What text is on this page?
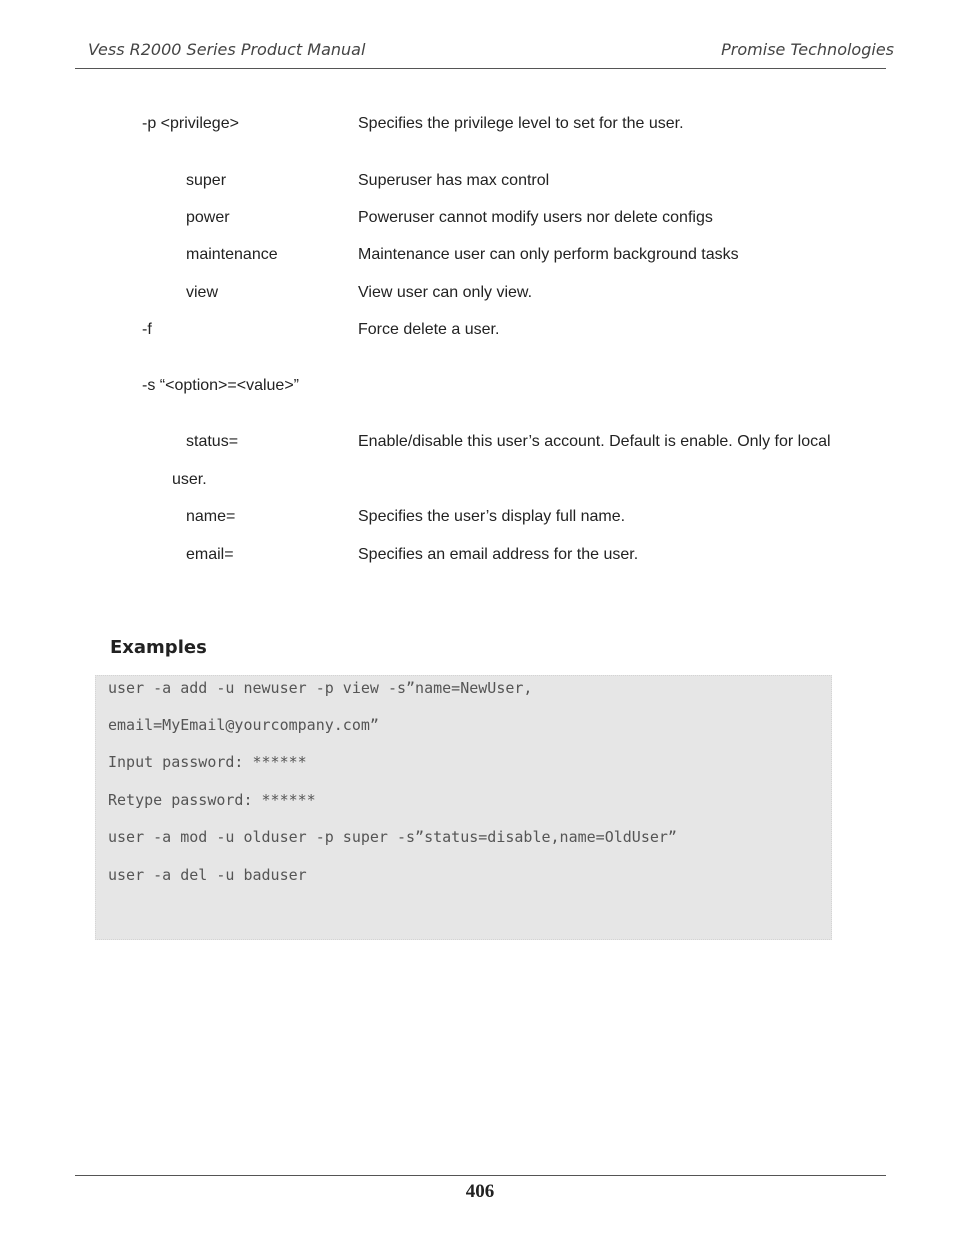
Vess R2000 Series Product Manual	Promise Technologies
-p <privilege>	Specifies the privilege level to set for the user.
super	Superuser has max control
power	Poweruser cannot modify users nor delete configs
maintenance	Maintenance user can only perform background tasks
view	View user can only view.
-f	Force delete a user.
-s “<option>=<value>”
status=	Enable/disable this user’s account. Default is enable. Only for local
user.
name=	Specifies the user’s display full name.
email=	Specifies an email address for the user.
Examples
user -a add -u newuser -p view -s”name=NewUser,
email=MyEmail@yourcompany.com”
Input password: ******
Retype password: ******
user -a mod -u olduser -p super -s”status=disable,name=OldUser”
user -a del -u baduser
406
